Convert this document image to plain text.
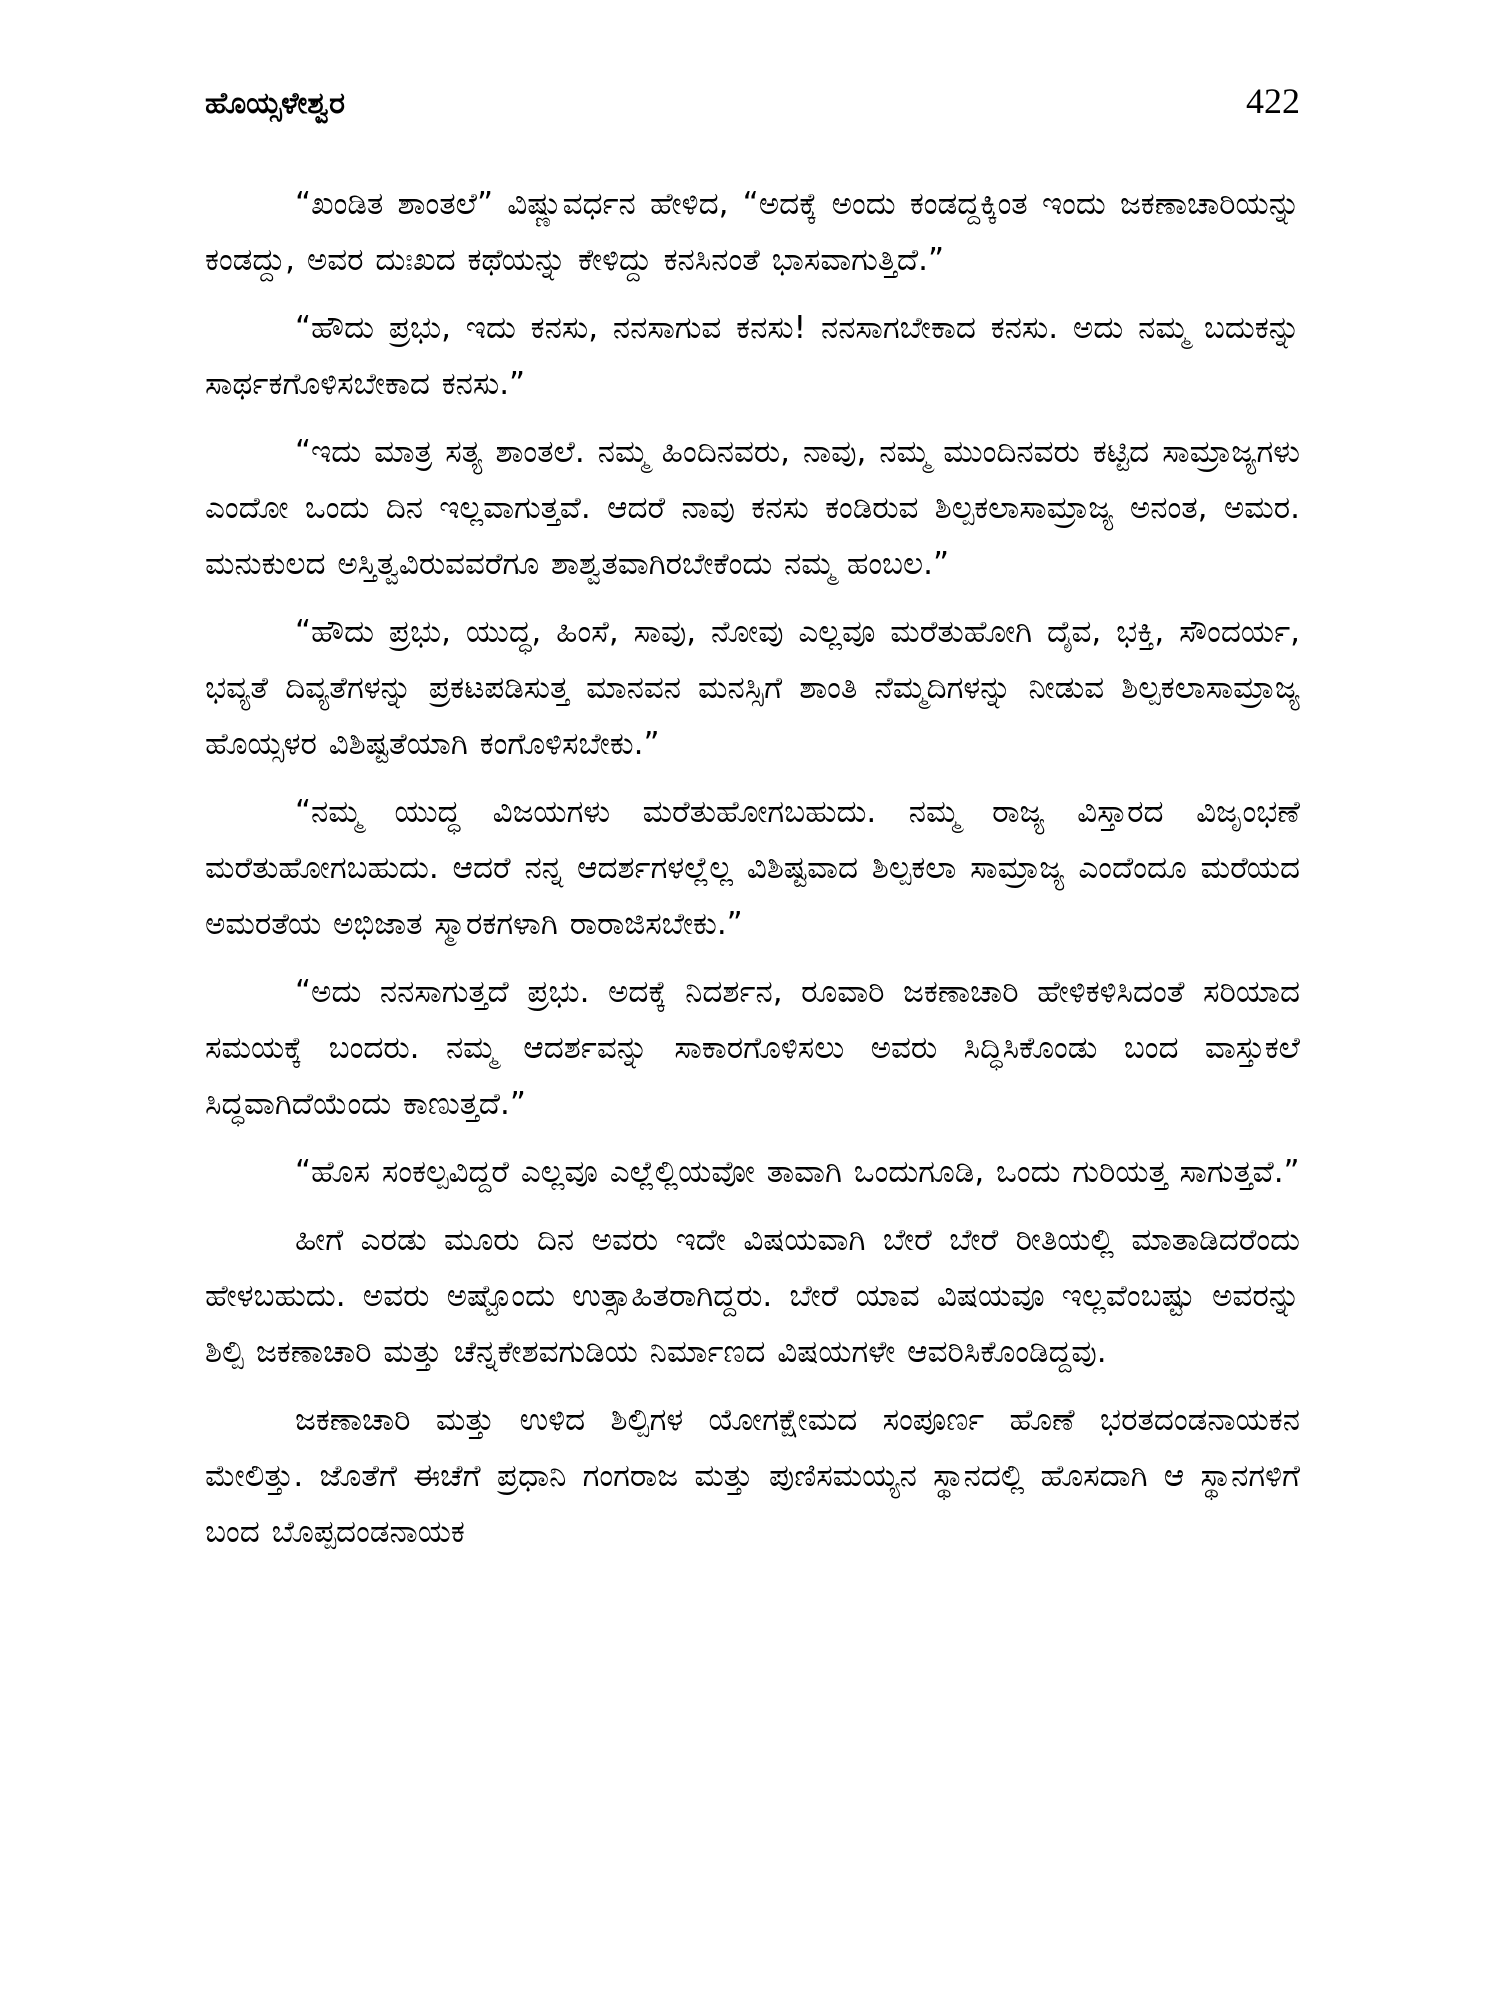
ಹೊಯ್ಸಳೇಶ್ವರ	422

“ಖಂಡಿತ ಶಾಂತಲೆ” ವಿಷ್ಣುವರ್ಧನ ಹೇಳಿದ, “ಅದಕ್ಕೆ ಅಂದು ಕಂಡದ್ದಕ್ಕಿಂತ ಇಂದು ಜಕಣಾಚಾರಿಯನ್ನು ಕಂಡದ್ದು, ಅವರ ದುಃಖದ ಕಥೆಯನ್ನು ಕೇಳಿದ್ದು ಕನಸಿನಂತೆ ಭಾಸವಾಗುತ್ತಿದೆ.”

“ಹೌದು ಪ್ರಭು, ಇದು ಕನಸು, ನನಸಾಗುವ ಕನಸು! ನನಸಾಗಬೇಕಾದ ಕನಸು. ಅದು ನಮ್ಮ ಬದುಕನ್ನು ಸಾರ್ಥಕಗೊಳಿಸಬೇಕಾದ ಕನಸು.”

“ಇದು ಮಾತ್ರ ಸತ್ಯ ಶಾಂತಲೆ. ನಮ್ಮ ಹಿಂದಿನವರು, ನಾವು, ನಮ್ಮ ಮುಂದಿನವರು ಕಟ್ಟಿದ ಸಾಮ್ರಾಜ್ಯಗಳು ಎಂದೋ ಒಂದು ದಿನ ಇಲ್ಲವಾಗುತ್ತವೆ. ಆದರೆ ನಾವು ಕನಸು ಕಂಡಿರುವ ಶಿಲ್ಪಕಲಾಸಾಮ್ರಾಜ್ಯ ಅನಂತ, ಅಮರ. ಮನುಕುಲದ ಅಸ್ತಿತ್ವವಿರುವವರೆಗೂ ಶಾಶ್ವತವಾಗಿರಬೇಕೆಂದು ನಮ್ಮ ಹಂಬಲ.”

“ಹೌದು ಪ್ರಭು, ಯುದ್ಧ, ಹಿಂಸೆ, ಸಾವು, ನೋವು ಎಲ್ಲವೂ ಮರೆತುಹೋಗಿ ದೈವ, ಭಕ್ತಿ, ಸೌಂದರ್ಯ, ಭವ್ಯತೆ ದಿವ್ಯತೆಗಳನ್ನು ಪ್ರಕಟಪಡಿಸುತ್ತ ಮಾನವನ ಮನಸ್ಸಿಗೆ ಶಾಂತಿ ನೆಮ್ಮದಿಗಳನ್ನು ನೀಡುವ ಶಿಲ್ಪಕಲಾಸಾಮ್ರಾಜ್ಯ ಹೊಯ್ಸಳರ ವಿಶಿಷ್ಟತೆಯಾಗಿ ಕಂಗೊಳಿಸಬೇಕು.”

“ನಮ್ಮ ಯುದ್ಧ ವಿಜಯಗಳು ಮರೆತುಹೋಗಬಹುದು. ನಮ್ಮ ರಾಜ್ಯ ವಿಸ್ತಾರದ ವಿಜೃಂಭಣೆ ಮರೆತುಹೋಗಬಹುದು. ಆದರೆ ನನ್ನ ಆದರ್ಶಗಳಲ್ಲೆಲ್ಲ ವಿಶಿಷ್ಟವಾದ ಶಿಲ್ಪಕಲಾ ಸಾಮ್ರಾಜ್ಯ ಎಂದೆಂದೂ ಮರೆಯದ ಅಮರತೆಯ ಅಭಿಜಾತ ಸ್ಮಾರಕಗಳಾಗಿ ರಾರಾಜಿಸಬೇಕು.”

“ಅದು ನನಸಾಗುತ್ತದೆ ಪ್ರಭು. ಅದಕ್ಕೆ ನಿದರ್ಶನ, ರೂವಾರಿ ಜಕಣಾಚಾರಿ ಹೇಳಿಕಳಿಸಿದಂತೆ ಸರಿಯಾದ ಸಮಯಕ್ಕೆ ಬಂದರು. ನಮ್ಮ ಆದರ್ಶವನ್ನು ಸಾಕಾರಗೊಳಿಸಲು ಅವರು ಸಿದ್ಧಿಸಿಕೊಂಡು ಬಂದ ವಾಸ್ತುಕಲೆ ಸಿದ್ಧವಾಗಿದೆಯೆಂದು ಕಾಣುತ್ತದೆ.”

“ಹೊಸ ಸಂಕಲ್ಪವಿದ್ದರೆ ಎಲ್ಲವೂ ಎಲ್ಲೆಲ್ಲಿಯವೋ ತಾವಾಗಿ ಒಂದುಗೂಡಿ, ಒಂದು ಗುರಿಯತ್ತ ಸಾಗುತ್ತವೆ.”

ಹೀಗೆ ಎರಡು ಮೂರು ದಿನ ಅವರು ಇದೇ ವಿಷಯವಾಗಿ ಬೇರೆ ಬೇರೆ ರೀತಿಯಲ್ಲಿ ಮಾತಾಡಿದರೆಂದು ಹೇಳಬಹುದು. ಅವರು ಅಷ್ಟೊಂದು ಉತ್ಸಾಹಿತರಾಗಿದ್ದರು. ಬೇರೆ ಯಾವ ವಿಷಯವೂ ಇಲ್ಲವೆಂಬಷ್ಟು ಅವರನ್ನು ಶಿಲ್ಪಿ ಜಕಣಾಚಾರಿ ಮತ್ತು ಚೆನ್ನಕೇಶವಗುಡಿಯ ನಿರ್ಮಾಣದ ವಿಷಯಗಳೇ ಆವರಿಸಿಕೊಂಡಿದ್ದವು.

ಜಕಣಾಚಾರಿ ಮತ್ತು ಉಳಿದ ಶಿಲ್ಪಿಗಳ ಯೋಗಕ್ಷೇಮದ ಸಂಪೂರ್ಣ ಹೊಣೆ ಭರತದಂಡನಾಯಕನ ಮೇಲಿತ್ತು. ಜೊತೆಗೆ ಈಚೆಗೆ ಪ್ರಧಾನಿ ಗಂಗರಾಜ ಮತ್ತು ಪುಣಿಸಮಯ್ಯನ ಸ್ಥಾನದಲ್ಲಿ ಹೊಸದಾಗಿ ಆ ಸ್ಥಾನಗಳಿಗೆ ಬಂದ ಬೊಪ್ಪದಂಡನಾಯಕ
